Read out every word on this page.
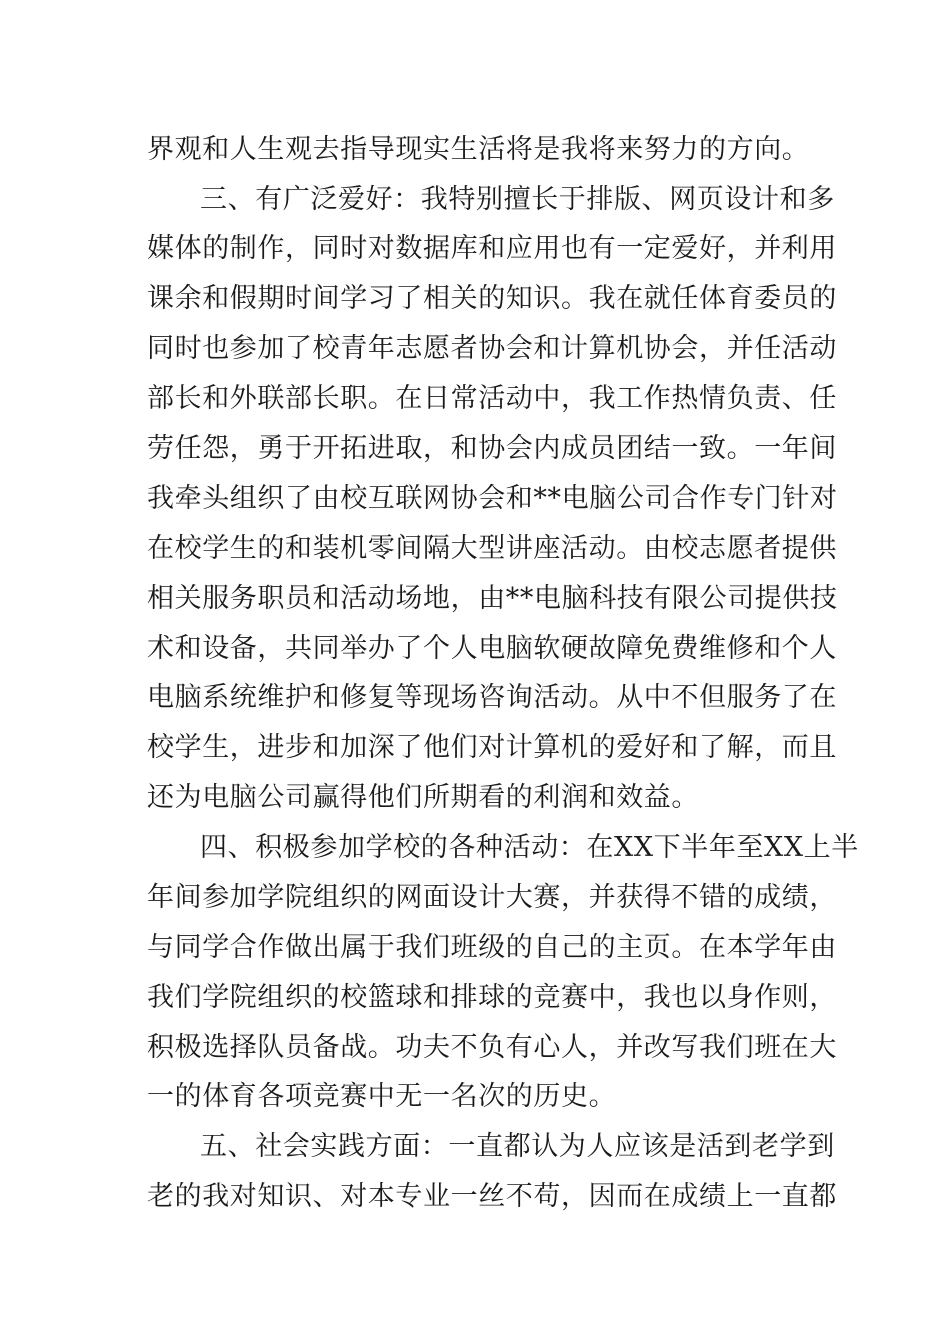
界观和人生观去指导现实生活将是我将来努力的方向。
三、有广泛爱好：我特别擅长于排版、网页设计和多
媒体的制作，同时对数据库和应用也有一定爱好，并利用
课余和假期时间学习了相关的知识。我在就任体育委员的
同时也参加了校青年志愿者协会和计算机协会，并任活动
部长和外联部长职。在日常活动中，我工作热情负责、任
劳任怨，勇于开拓进取，和协会内成员团结一致。一年间
我牵头组织了由校互联网协会和**电脑公司合作专门针对
在校学生的和装机零间隔大型讲座活动。由校志愿者提供
相关服务职员和活动场地，由**电脑科技有限公司提供技
术和设备，共同举办了个人电脑软硬故障免费维修和个人
电脑系统维护和修复等现场咨询活动。从中不但服务了在
校学生，进步和加深了他们对计算机的爱好和了解，而且
还为电脑公司赢得他们所期看的利润和效益。
四、积极参加学校的各种活动：在XX下半年至XX上半
年间参加学院组织的网面设计大赛，并获得不错的成绩，
与同学合作做出属于我们班级的自己的主页。在本学年由
我们学院组织的校篮球和排球的竞赛中，我也以身作则，
积极选择队员备战。功夫不负有心人，并改写我们班在大
一的体育各项竞赛中无一名次的历史。
五、社会实践方面：一直都认为人应该是活到老学到
老的我对知识、对本专业一丝不苟，因而在成绩上一直都
